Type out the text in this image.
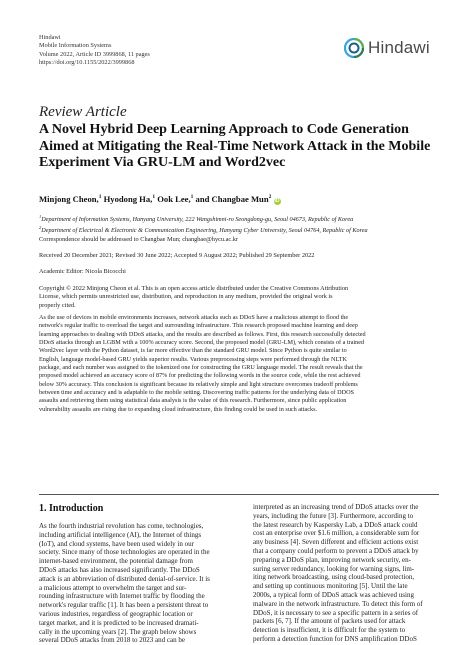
Hindawi
Mobile Information Systems
Volume 2022, Article ID 3999868, 11 pages
https://doi.org/10.1155/2022/3999868
Hindawi
Review Article
A Novel Hybrid Deep Learning Approach to Code Generation
Aimed at Mitigating the Real-Time Network Attack in the Mobile
Experiment Via GRU-LM and Word2vec
Minjong Cheon,$^1$ Hyodong Ha,$^1$ Ook Lee,$^1$ and Changbae Mun$^2$ iD
$^1$Department of Information Systems, Hanyang University, 222 Wangshimni-ro Seongdong-gu, Seoul 04673, Republic of Korea
$^2$Department of Electrical & Electronic & Communication Engineering, Hanyang Cyber University, Seoul 04764, Republic of Korea
Correspondence should be addressed to Changbae Mun; changbae@hycu.ac.kr
Received 20 December 2021; Revised 30 June 2022; Accepted 9 August 2022; Published 29 September 2022
Academic Editor: Nicola Bicocchi
Copyright © 2022 Minjong Cheon et al. This is an open access article distributed under the Creative Commons Attribution
License, which permits unrestricted use, distribution, and reproduction in any medium, provided the original work is
properly cited.
As the use of devices in mobile environments increases, network attacks such as DDoS have a malicious attempt to flood the
network's regular traffic to overload the target and surrounding infrastructure. This research proposed machine learning and deep
learning approaches to dealing with DDoS attacks, and the results are described as follows. First, this research successfully detected
DDoS attacks through an LGBM with a 100% accuracy score. Second, the proposed model (GRU-LM), which consists of a trained
Word2vec layer with the Python dataset, is far more effective than the standard GRU model. Since Python is quite similar to
English, language model-based GRU yields superior results. Various preprocessing steps were performed through the NLTK
package, and each number was assigned to the tokenized one for constructing the GRU language model. The result reveals that the
proposed model achieved an accuracy score of 87% for predicting the following words in the source code, while the rest achieved
below 30% accuracy. This conclusion is significant because its relatively simple and light structure overcomes tradeoff problems
between time and accuracy and is adaptable to the mobile setting. Discovering traffic patterns for the underlying data of DDOS
assaults and retrieving them using statistical data analysis is the value of this research. Furthermore, since public application
vulnerability assaults are rising due to expanding cloud infrastructure, this finding could be used in such attacks.
1. Introduction
As the fourth industrial revolution has come, technologies,
including artificial intelligence (AI), the Internet of things
(IoT), and cloud systems, have been used widely in our
society. Since many of those technologies are operated in the
internet-based environment, the potential damage from
DDoS attacks has also increased significantly. The DDoS
attack is an abbreviation of distributed denial-of-service. It is
a malicious attempt to overwhelm the target and sur-
rounding infrastructure with Internet traffic by flooding the
network's regular traffic [1]. It has been a persistent threat to
various industries, regardless of geographic location or
target market, and it is predicted to be increased dramati-
cally in the upcoming years [2]. The graph below shows
several DDoS attacks from 2018 to 2023 and can be
interpreted as an increasing trend of DDoS attacks over the
years, including the future [3]. Furthermore, according to
the latest research by Kaspersky Lab, a DDoS attack could
cost an enterprise over $1.6 million, a considerable sum for
any business [4]. Seven different and efficient actions exist
that a company could perform to prevent a DDoS attack by
preparing a DDoS plan, improving network security, en-
suring server redundancy, looking for warning signs, lim-
iting network broadcasting, using cloud-based protection,
and setting up continuous monitoring [5]. Until the late
2000s, a typical form of DDoS attack was achieved using
malware in the network infrastructure. To detect this form of
DDoS, it is necessary to see a specific pattern in a series of
packets [6, 7]. If the amount of packets used for attack
detection is insufficient, it is difficult for the system to
perform a detection function for DNS amplification DDoS
